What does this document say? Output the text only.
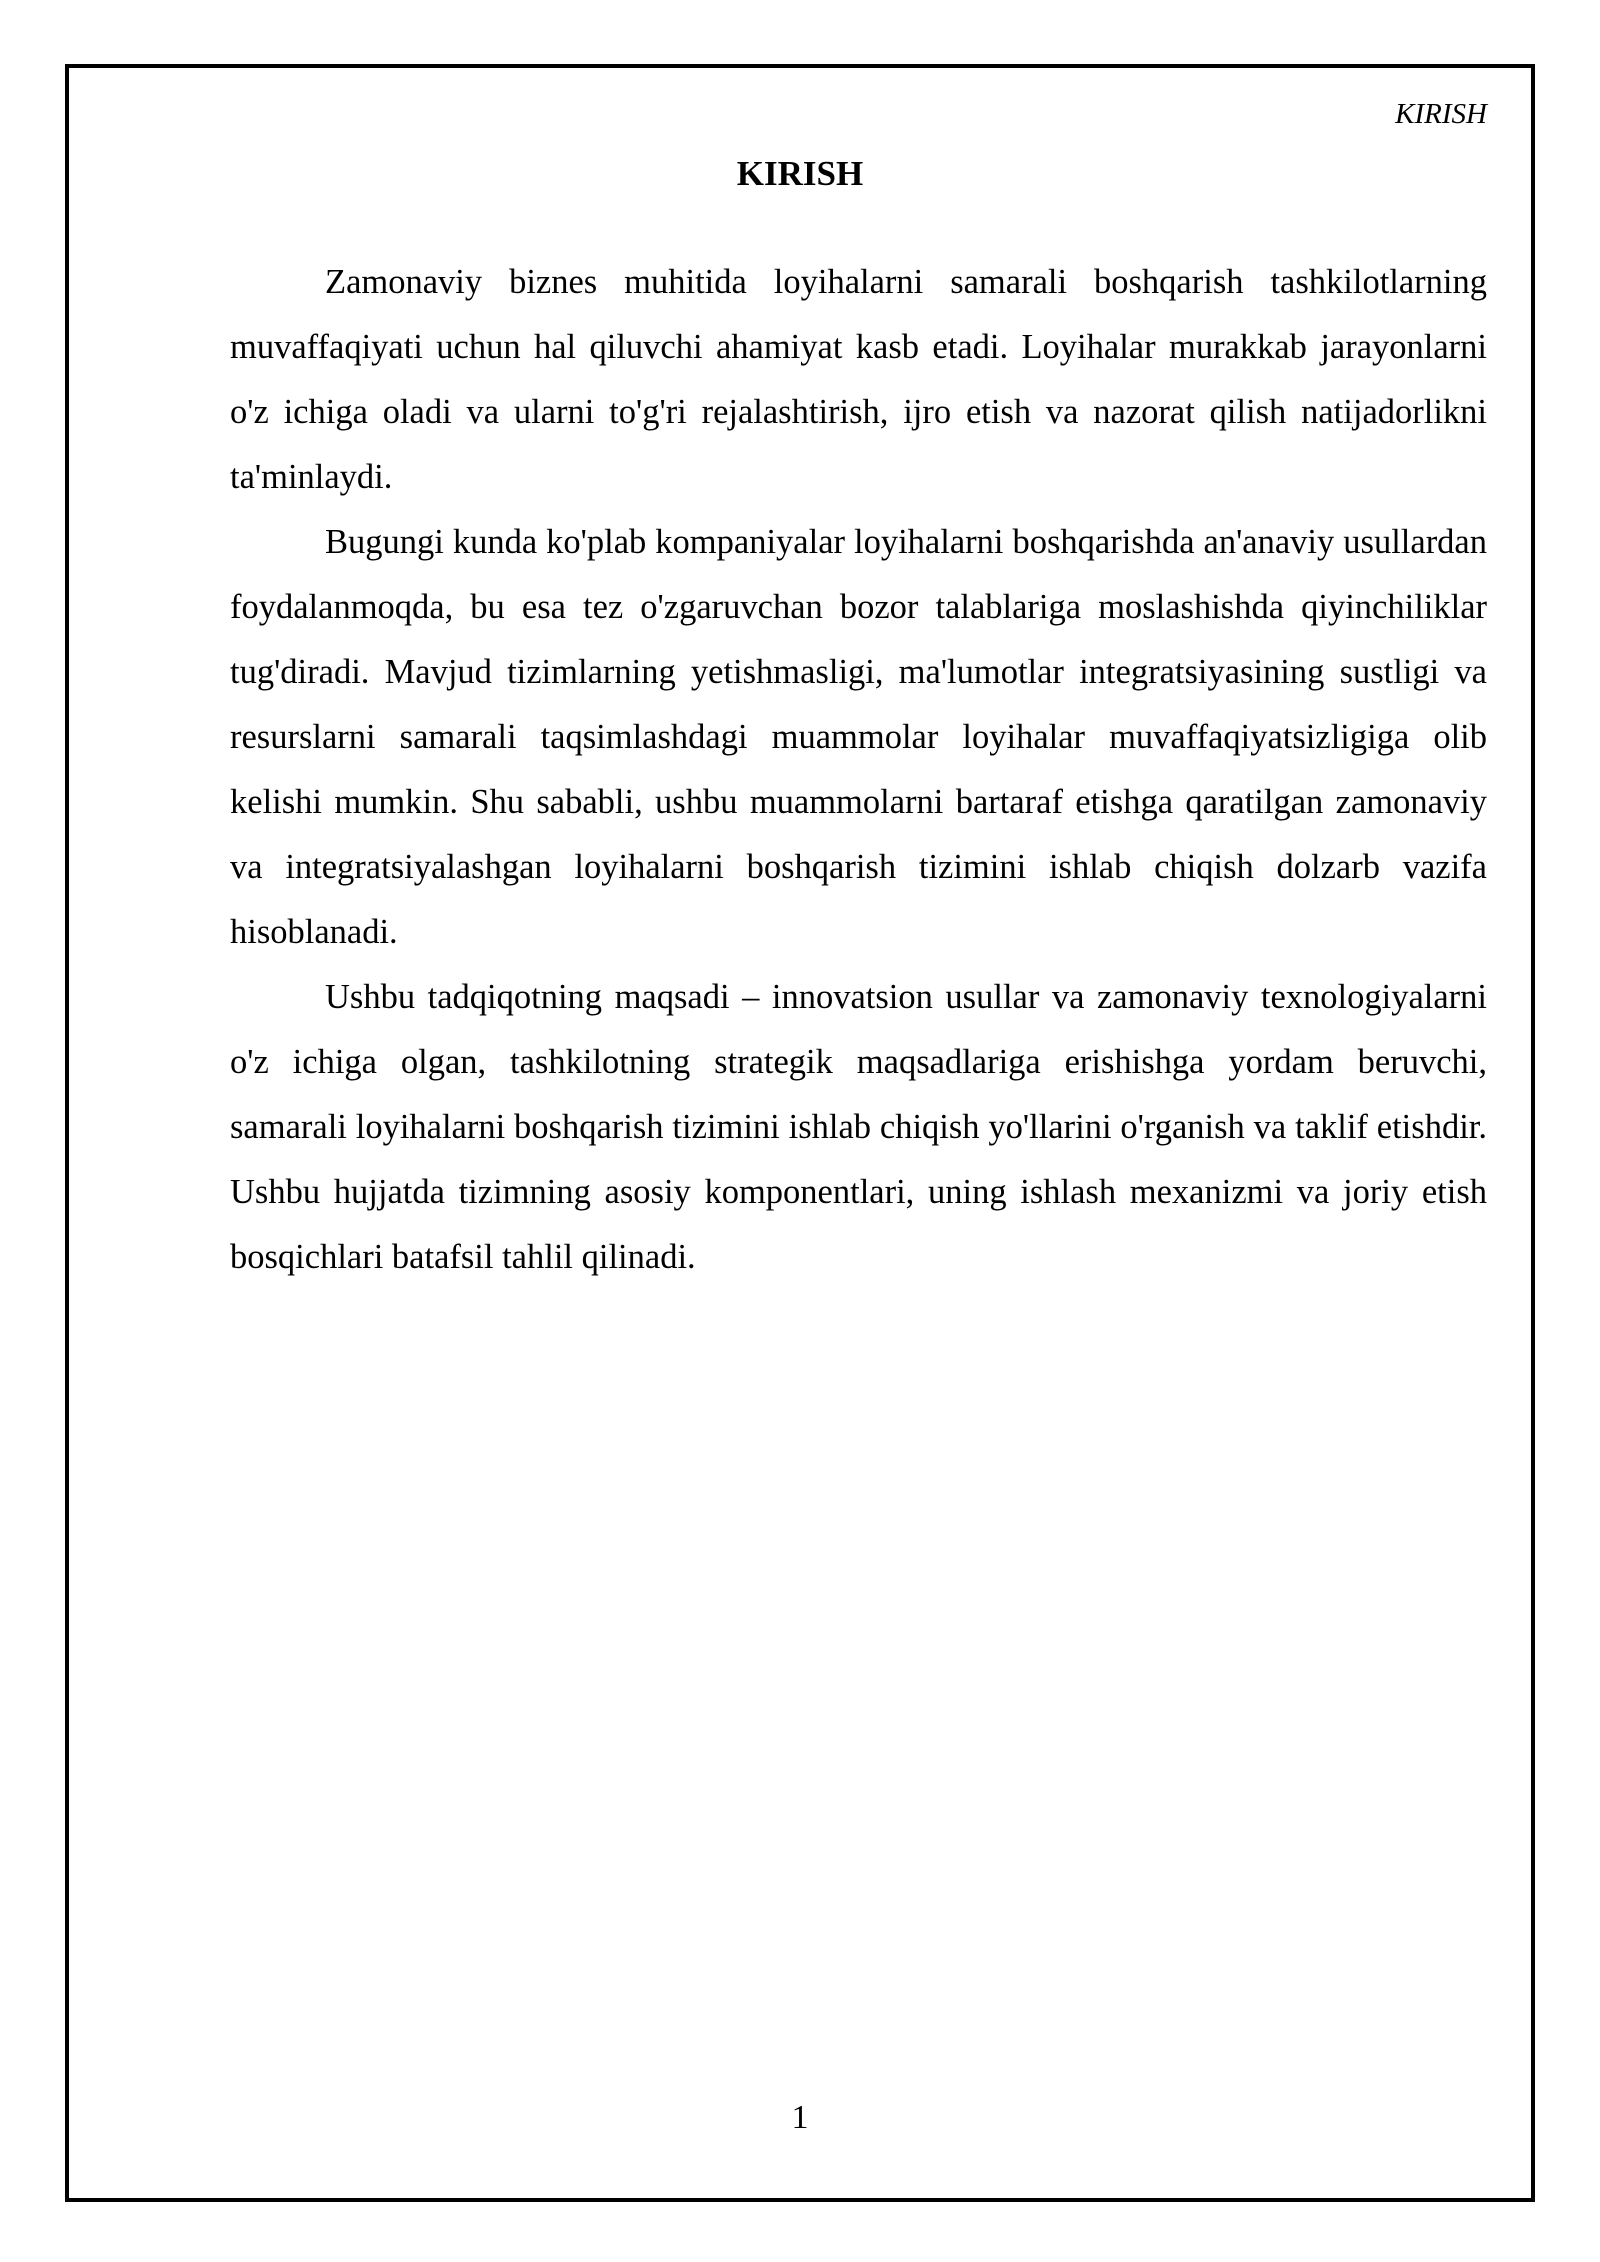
KIRISH
KIRISH

Zamonaviy biznes muhitida loyihalarni samarali boshqarish tashkilotlarning muvaffaqiyati uchun hal qiluvchi ahamiyat kasb etadi. Loyihalar murakkab jarayonlarni o'z ichiga oladi va ularni to'g'ri rejalashtirish, ijro etish va nazorat qilish natijadorlikni ta'minlaydi.

Bugungi kunda ko'plab kompaniyalar loyihalarni boshqarishda an'anaviy usullardan foydalanmoqda, bu esa tez o'zgaruvchan bozor talablariga moslashishda qiyinchiliklar tug'diradi. Mavjud tizimlarning yetishmasligi, ma'lumotlar integratsiyasining sustligi va resurslarni samarali taqsimlashdagi muammolar loyihalar muvaffaqiyatsizligiga olib kelishi mumkin. Shu sababli, ushbu muammolarni bartaraf etishga qaratilgan zamonaviy va integratsiyalashgan loyihalarni boshqarish tizimini ishlab chiqish dolzarb vazifa hisoblanadi.

Ushbu tadqiqotning maqsadi – innovatsion usullar va zamonaviy texnologiyalarni o'z ichiga olgan, tashkilotning strategik maqsadlariga erishishga yordam beruvchi, samarali loyihalarni boshqarish tizimini ishlab chiqish yo'llarini o'rganish va taklif etishdir. Ushbu hujjatda tizimning asosiy komponentlari, uning ishlash mexanizmi va joriy etish bosqichlari batafsil tahlil qilinadi.

1
